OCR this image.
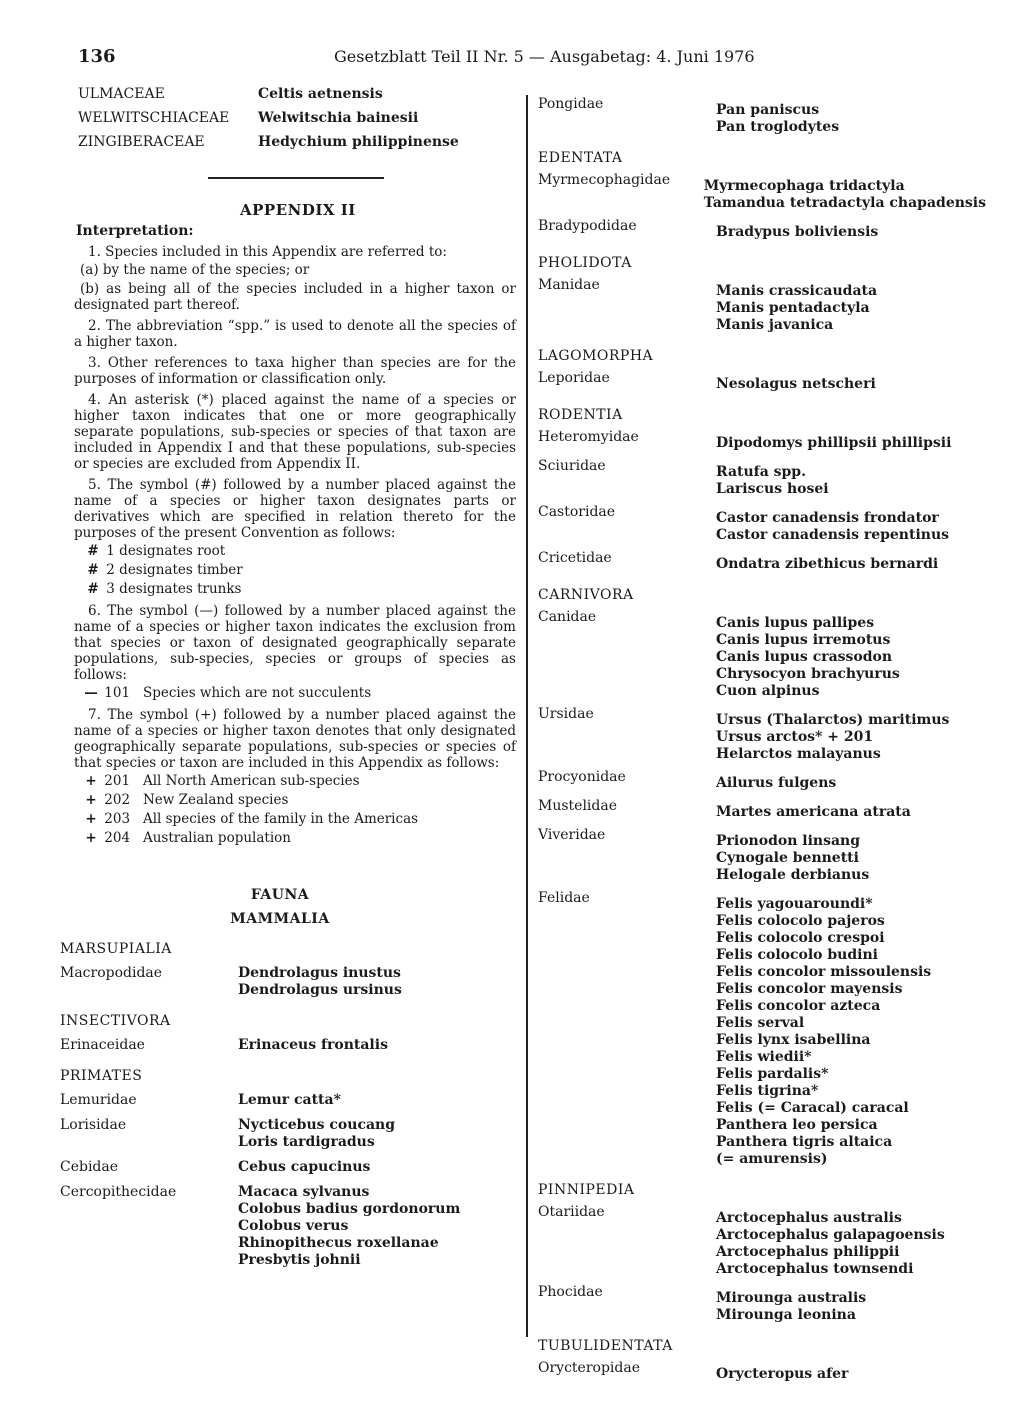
136	Gesetzblatt Teil II Nr. 5 — Ausgabetag: 4. Juni 1976
ULMACEAE	Celtis aetnensis
WELWITSCHIACEAE	Welwitschia bainesii
ZINGIBERACEAE	Hedychium philippinense
APPENDIX II
Interpretation:
1. Species included in this Appendix are referred to:
(a) by the name of the species; or
(b) as being all of the species included in a higher taxon or designated part thereof.
2. The abbreviation “spp.” is used to denote all the species of a higher taxon.
3. Other references to taxa higher than species are for the purposes of information or classification only.
4. An asterisk (*) placed against the name of a species or higher taxon indicates that one or more geographically separate populations, sub-species or species of that taxon are included in Appendix I and that these populations, sub-species or species are excluded from Appendix II.
5. The symbol (#) followed by a number placed against the name of a species or higher taxon designates parts or derivatives which are specified in relation thereto for the purposes of the present Convention as follows:
# 1 designates root
# 2 designates timber
# 3 designates trunks
6. The symbol (—) followed by a number placed against the name of a species or higher taxon indicates the exclusion from that species or taxon of designated geographically separate populations, sub-species, species or groups of species as follows:
— 101 Species which are not succulents
7. The symbol (+) followed by a number placed against the name of a species or higher taxon denotes that only designated geographically separate populations, sub-species or species of that species or taxon are included in this Appendix as follows:
+ 201 All North American sub-species
+ 202 New Zealand species
+ 203 All species of the family in the Americas
+ 204 Australian population
FAUNA
MAMMALIA
MARSUPIALIA
Macropodidae	Dendrolagus inustus
Dendrolagus ursinus
INSECTIVORA
Erinaceidae	Erinaceus frontalis
PRIMATES
Lemuridae	Lemur catta*
Lorisidae	Nycticebus coucang
Loris tardigradus
Cebidae	Cebus capucinus
Cercopithecidae	Macaca sylvanus
Colobus badius gordonorum
Colobus verus
Rhinopithecus roxellanae
Presbytis johnii
Pongidae	Pan paniscus
Pan troglodytes
EDENTATA
Myrmecophagidae	Myrmecophaga tridactyla
Tamandua tetradactyla chapadensis
Bradypodidae	Bradypus boliviensis
PHOLIDOTA
Manidae	Manis crassicaudata
Manis pentadactyla
Manis javanica
LAGOMORPHA
Leporidae	Nesolagus netscheri
RODENTIA
Heteromyidae	Dipodomys phillipsii phillipsii
Sciuridae	Ratufa spp.
Lariscus hosei
Castoridae	Castor canadensis frondator
Castor canadensis repentinus
Cricetidae	Ondatra zibethicus bernardi
CARNIVORA
Canidae	Canis lupus pallipes
Canis lupus irremotus
Canis lupus crassodon
Chrysocyon brachyurus
Cuon alpinus
Ursidae	Ursus (Thalarctos) maritimus
Ursus arctos* + 201
Helarctos malayanus
Procyonidae	Ailurus fulgens
Mustelidae	Martes americana atrata
Viveridae	Prionodon linsang
Cynogale bennetti
Helogale derbianus
Felidae	Felis yagouaroundi*
Felis colocolo pajeros
Felis colocolo crespoi
Felis colocolo budini
Felis concolor missoulensis
Felis concolor mayensis
Felis concolor azteca
Felis serval
Felis lynx isabellina
Felis wiedii*
Felis pardalis*
Felis tigrina*
Felis (= Caracal) caracal
Panthera leo persica
Panthera tigris altaica
(= amurensis)
PINNIPEDIA
Otariidae	Arctocephalus australis
Arctocephalus galapagoensis
Arctocephalus philippii
Arctocephalus townsendi
Phocidae	Mirounga australis
Mirounga leonina
TUBULIDENTATA
Orycteropidae	Orycteropus afer
